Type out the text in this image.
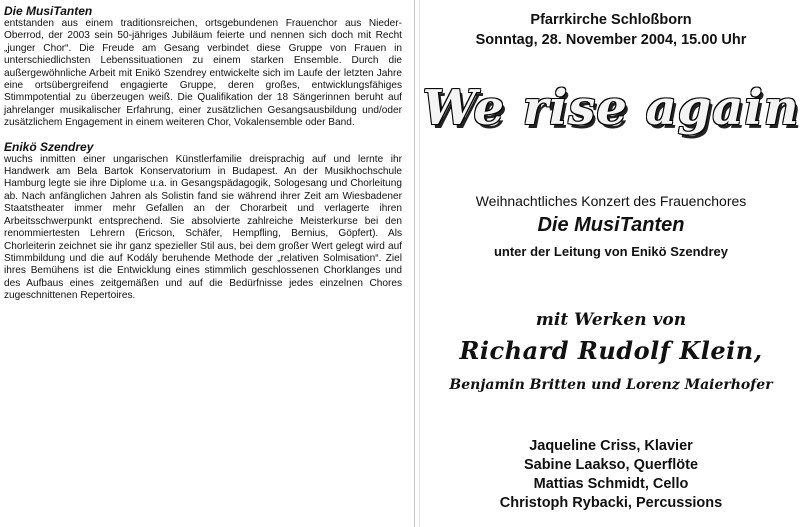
Die MusiTanten

entstanden aus einem traditionsreichen, ortsgebundenen Frauenchor aus Nieder-Oberrod, der 2003 sein 50-jähriges Jubiläum feierte und nennen sich doch mit Recht „junger Chor“. Die Freude am Gesang verbindet diese Gruppe von Frauen in unterschiedlichsten Lebenssituationen zu einem starken Ensemble. Durch die außergewöhnliche Arbeit mit Enikö Szendrey entwickelte sich im Laufe der letzten Jahre eine ortsübergreifend engagierte Gruppe, deren großes, entwicklungsfähiges Stimmpotential zu überzeugen weiß. Die Qualifikation der 18 Sängerinnen beruht auf jahrelanger musikalischer Erfahrung, einer zusätzlichen Gesangsausbildung und/oder zusätzlichem Engagement in einem weiteren Chor, Vokalensemble oder Band.

Enikö Szendrey

wuchs inmitten einer ungarischen Künstlerfamilie dreisprachig auf und lernte ihr Handwerk am Bela Bartok Konservatorium in Budapest. An der Musikhochschule Hamburg legte sie ihre Diplome u.a. in Gesangspädagogik, Sologesang und Chorleitung ab. Nach anfänglichen Jahren als Solistin fand sie während ihrer Zeit am Wiesbadener Staatstheater immer mehr Gefallen an der Chorarbeit und verlagerte ihren Arbeitsschwerpunkt entsprechend. Sie absolvierte zahlreiche Meisterkurse bei den renommiertesten Lehrern (Ericson, Schäfer, Hempfling, Bernius, Göpfert). Als Chorleiterin zeichnet sie ihr ganz spezieller Stil aus, bei dem großer Wert gelegt wird auf Stimmbildung und die auf Kodály beruhende Methode der „relativen Solmisation“. Ziel ihres Bemühens ist die Entwicklung eines stimmlich geschlossenen Chorklanges und des Aufbaus eines zeitgemäßen und auf die Bedürfnisse jedes einzelnen Chores zugeschnittenen Repertoires.

Pfarrkirche Schloßborn
Sonntag, 28. November 2004, 15.00 Uhr
We rise again
Weihnachtliches Konzert des Frauenchores
Die MusiTanten
unter der Leitung von Enikö Szendrey
mit Werken von
Richard Rudolf Klein,
Benjamin Britten und Lorenz Maierhofer
Jaqueline Criss, Klavier
Sabine Laakso, Querflöte
Mattias Schmidt, Cello
Christoph Rybacki, Percussions
